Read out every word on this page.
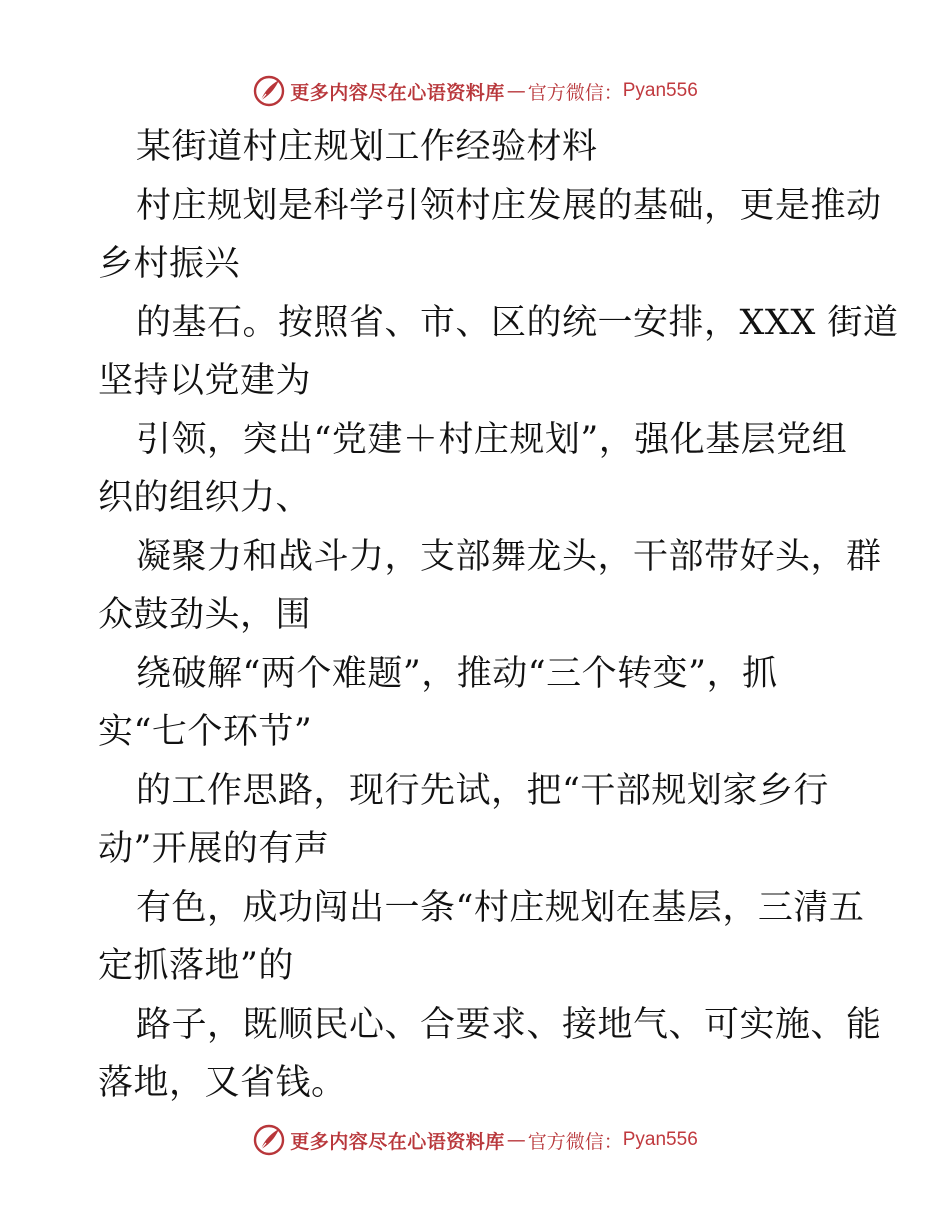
更多内容尽在心语资料库 — 官方微信： Pyan556
某街道村庄规划工作经验材料
村庄规划是科学引领村庄发展的基础，更是推动
乡村振兴
的基石。按照省、市、区的统一安排，XXX 街道
坚持以党建为
引领，突出“党建＋村庄规划”，强化基层党组
织的组织力、
凝聚力和战斗力，支部舞龙头，干部带好头，群
众鼓劲头，围
绕破解“两个难题”，推动“三个转变”，抓
实“七个环节”
的工作思路，现行先试，把“干部规划家乡行
动”开展的有声
有色，成功闯出一条“村庄规划在基层，三清五
定抓落地”的
路子，既顺民心、合要求、接地气、可实施、能
落地，又省钱。
更多内容尽在心语资料库 — 官方微信： Pyan556
